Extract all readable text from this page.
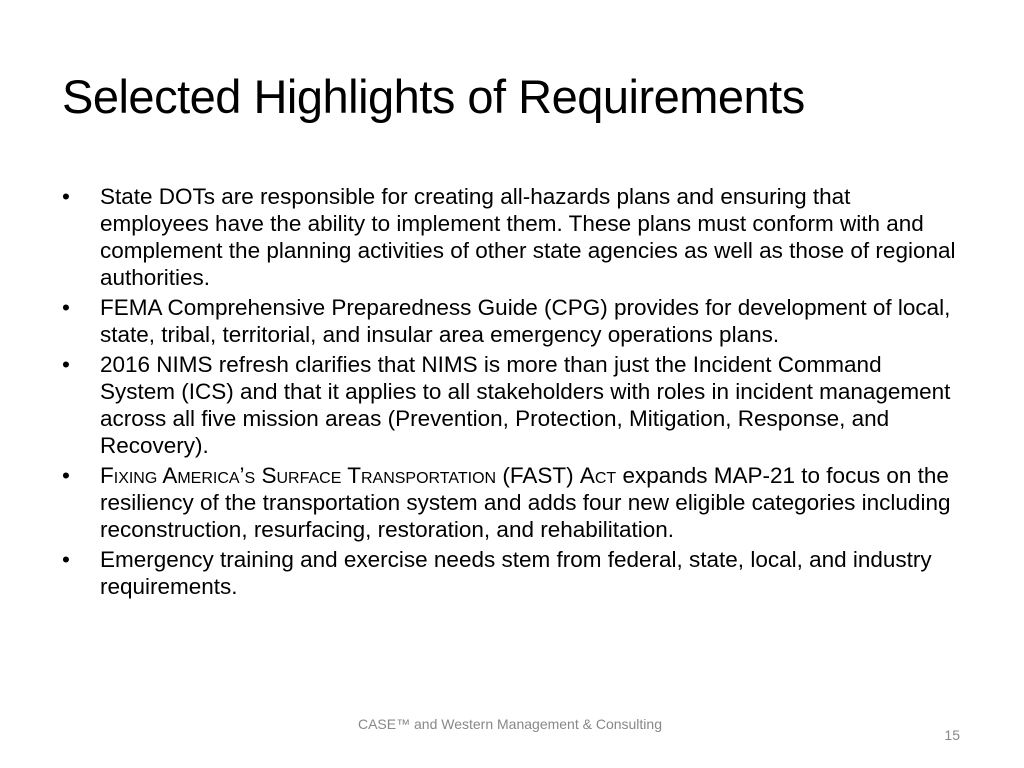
Selected Highlights of Requirements
• State DOTs are responsible for creating all-hazards plans and ensuring that employees have the ability to implement them. These plans must conform with and complement the planning activities of other state agencies as well as those of regional authorities.
• FEMA Comprehensive Preparedness Guide (CPG) provides for development of local, state, tribal, territorial, and insular area emergency operations plans.
• 2016 NIMS refresh clarifies that NIMS is more than just the Incident Command System (ICS) and that it applies to all stakeholders with roles in incident management across all five mission areas (Prevention, Protection, Mitigation, Response, and Recovery).
• Fixing America’s Surface Transportation (FAST) Act expands MAP-21 to focus on the resiliency of the transportation system and adds four new eligible categories including reconstruction, resurfacing, restoration, and rehabilitation.
• Emergency training and exercise needs stem from federal, state, local, and industry requirements.
CASE™ and Western Management & Consulting
15
